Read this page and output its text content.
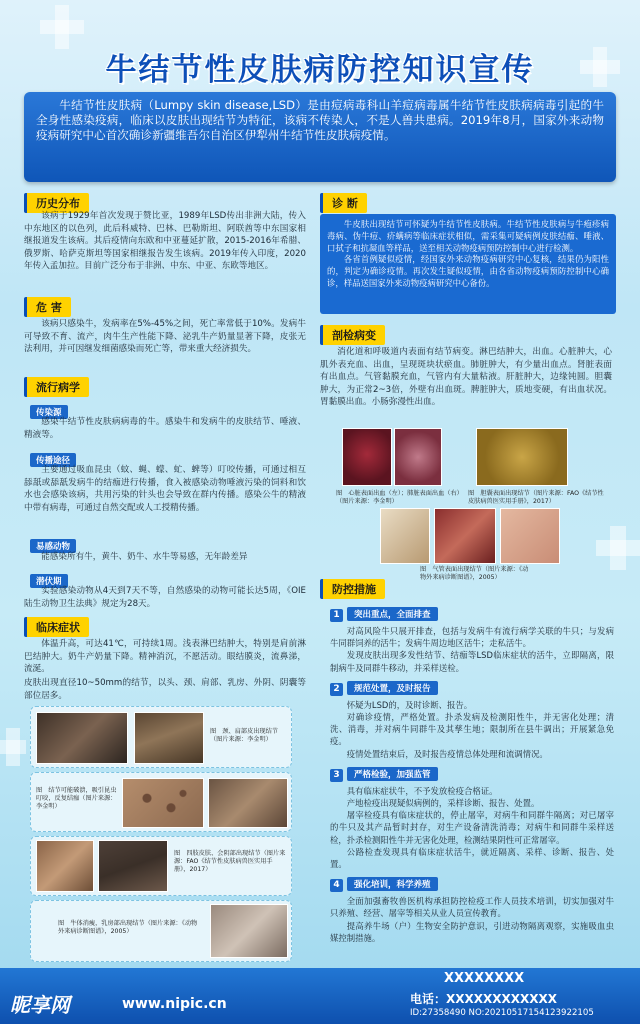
牛结节性皮肤病防控知识宣传
牛结节性皮肤病（Lumpy skin disease,LSD）是由痘病毒科山羊痘病毒属牛结节性皮肤病病毒引起的牛全身性感染疫病，临床以皮肤出现结节为特征，该病不传染人，不是人兽共患病。2019年8月，国家外来动物疫病研究中心首次确诊新疆维吾尔自治区伊犁州牛结节性皮肤病疫情。
历史分布
该病于1929年首次发现于赞比亚，1989年LSD传出非洲大陆，传入中东地区的以色列，此后科威特、巴林、巴勒斯坦、阿联酋等中东国家相继报道发生该病。其后疫情向东欧和中亚蔓延扩散，2015-2016年希腊、俄罗斯、哈萨克斯坦等国家相继报告发生该病。2019年传入印度，2020年传入孟加拉。目前广泛分布于非洲、中东、中亚、东欧等地区。
危 害
该病只感染牛，发病率在5%-45%之间，死亡率常低于10%。发病牛可导致不育、流产，肉牛生产性能下降、泌乳牛产奶量显著下降，皮张无法利用，并可因继发细菌感染而死亡等，带来重大经济损失。
流行病学
传染源
感染牛结节性皮肤病病毒的牛。感染牛和发病牛的皮肤结节、唾液、精液等。
传播途径
主要通过吸血昆虫（蚊、蝇、蠓、虻、蜱等）叮咬传播，可通过相互舔舐或舔舐发病牛的结痂进行传播，食入被感染动物唾液污染的饲料和饮水也会感染该病，共用污染的针头也会导致在群内传播。感染公牛的精液中带有病毒，可通过自然交配或人工授精传播。
易感动物
能感染所有牛，黄牛、奶牛、水牛等易感，无年龄差异
潜伏期
实验感染动物从4天到7天不等，自然感染的动物可能长达5周，《OIE陆生动物卫生法典》规定为28天。
临床症状
体温升高，可达41℃，可持续1周。浅表淋巴结肿大，特别是肩前淋巴结肿大。奶牛产奶量下降。精神消沉，不愿活动。眼结膜炎，流鼻涕，流涎。
皮肤出现直径10~50mm的结节，以头、颈、肩部、乳房、外阴、阴囊等部位居多。
图　颈、肩部皮出现结节（图片来源：李金明）
图　结节可能破溃，吸引昆虫叮咬，反复结痂（图片来源：李金明）
图　四肢皮肤、会阴部出现结节（图片来源：FAO《结节性皮肤病兽医实用手册》，2017）
图　牛体消瘦，乳房部出现结节（图片来源：《动物外来病诊断图谱》，2005）
诊 断
牛皮肤出现结节可怀疑为牛结节性皮肤病。牛结节性皮肤病与牛疱疹病毒病、伪牛痘、疥螨病等临床症状相似，需采集可疑病例皮肤结痂、唾液、口拭子和抗凝血等样品，送至相关动物疫病预防控制中心进行检测。
各省首例疑似疫情，经国家外来动物疫病研究中心复核，结果仍为阳性的，判定为确诊疫情。再次发生疑似疫情，由各省动物疫病预防控制中心确诊，样品送国家外来动物疫病研究中心备份。
剖检病变
消化道和呼吸道内表面有结节病变。淋巴结肿大，出血。心脏肿大，心肌外表充血、出血，呈现斑块状瘀血。肺脏肿大，有少量出血点。肾脏表面有出血点。气管黏膜充血，气管内有大量粘液。肝脏肿大，边缘钝圆。胆囊肿大，为正常2~3倍，外壁有出血斑。脾脏肿大，质地变硬，有出血状况。胃黏膜出血。小肠弥漫性出血。
图　心脏表面出血（左）；肺脏表面出血（右）（图片来源：李金明）
图　胆囊表面出现结节（图片来源：FAO《结节性皮肤病兽医实用手册》，2017）
图　气管表面出现结节（图片来源：《动物外来病诊断图谱》，2005）
防控措施
1 突出重点，全面排查
对高风险牛只展开排查，包括与发病牛有流行病学关联的牛只；与发病牛同群饲养的活牛；发病牛周边地区活牛；走私活牛。
发现皮肤出现多发性结节、结痂等LSD临床症状的活牛，立即隔离，限制病牛及同群牛移动，并采样送检。
2 规范处置，及时报告
怀疑为LSD的，及时诊断、报告。
对确诊疫情，严格处置。扑杀发病及检测阳性牛，并无害化处理；清洗、消毒，并对病牛同群牛及其孳生地；限制所在县牛调出；开展紧急免疫。
疫情处置结束后，及时报告疫情总体处理和流调情况。
3 严格检验，加强监管
具有临床症状牛，不予发放检疫合格证。
产地检疫出现疑似病例的，采样诊断、报告、处置。
屠宰检疫具有临床症状的，停止屠宰，对病牛和同群牛隔离；对已屠宰的牛只及其产品暂时封存，对生产设备清洗消毒；对病牛和同群牛采样送检，扑杀检测阳性牛并无害化处理，检测结果阴性可正常屠宰。
公路检查发现具有临床症状活牛，就近隔离、采样、诊断、报告、处置。
4 强化培训，科学养殖
全面加强畜牧兽医机构承担防控检疫工作人员技术培训，切实加强对牛只养殖、经营、屠宰等相关从业人员宣传教育。
提高养牛场（户）生物安全防护意识，引进动物隔离观察，实施吸血虫媒控制措施。
XXXXXXXX
电话：XXXXXXXXXXXX
昵享网	www.nipic.cn
ID:27358490 NO:20210517154123922105
